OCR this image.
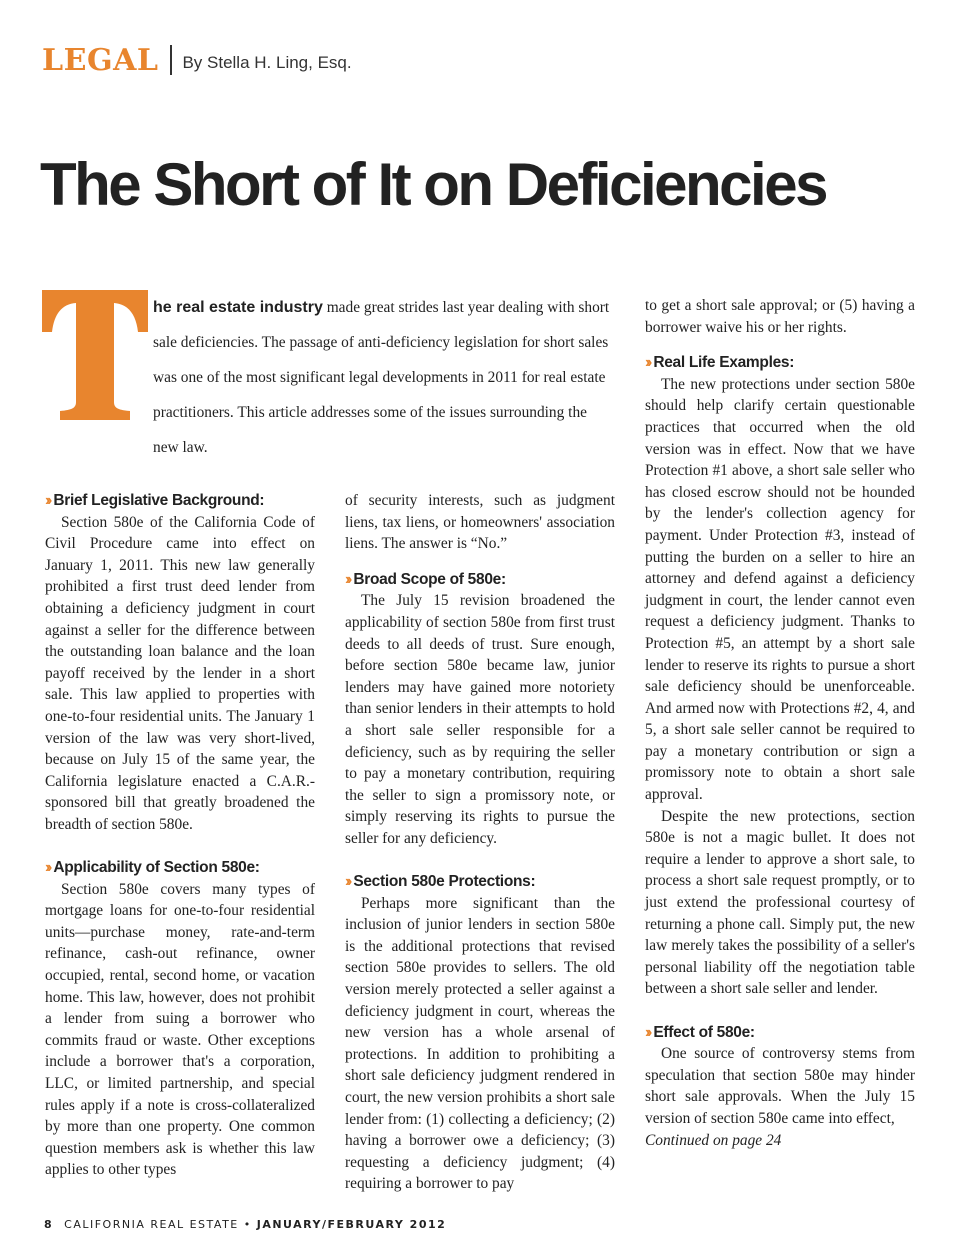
LEGAL By Stella H. Ling, Esq.
The Short of It on Deficiencies
he real estate industry made great strides last year dealing with short sale deficiencies. The passage of anti-deficiency legislation for short sales was one of the most significant legal developments in 2011 for real estate practitioners. This article addresses some of the issues surrounding the new law.
›› Brief Legislative Background:

Section 580e of the California Code of Civil Procedure came into effect on January 1, 2011. This new law generally prohibited a first trust deed lender from obtaining a deficiency judgment in court against a seller for the difference between the outstanding loan balance and the loan payoff received by the lender in a short sale. This law applied to properties with one-to-four residential units. The January 1 version of the law was very short-lived, because on July 15 of the same year, the California legislature enacted a C.A.R.-sponsored bill that greatly broadened the breadth of section 580e.

›› Applicability of Section 580e:

Section 580e covers many types of mortgage loans for one-to-four residential units—purchase money, rate-and-term refinance, cash-out refinance, owner occupied, rental, second home, or vacation home. This law, however, does not prohibit a lender from suing a borrower who commits fraud or waste. Other exceptions include a borrower that's a corporation, LLC, or limited partnership, and special rules apply if a note is cross-collateralized by more than one property. One common question members ask is whether this law applies to other types

of security interests, such as judgment liens, tax liens, or homeowners' association liens. The answer is “No.”

›› Broad Scope of 580e:

The July 15 revision broadened the applicability of section 580e from first trust deeds to all deeds of trust. Sure enough, before section 580e became law, junior lenders may have gained more notoriety than senior lenders in their attempts to hold a short sale seller responsible for a deficiency, such as by requiring the seller to pay a monetary contribution, requiring the seller to sign a promissory note, or simply reserving its rights to pursue the seller for any deficiency.

›› Section 580e Protections:

Perhaps more significant than the inclusion of junior lenders in section 580e is the additional protections that revised section 580e provides to sellers. The old version merely protected a seller against a deficiency judgment in court, whereas the new version has a whole arsenal of protections. In addition to prohibiting a short sale deficiency judgment rendered in court, the new version prohibits a short sale lender from: (1) collecting a deficiency; (2) having a borrower owe a deficiency; (3) requesting a deficiency judgment; (4) requiring a borrower to pay

to get a short sale approval; or (5) having a borrower waive his or her rights.

›› Real Life Examples:

The new protections under section 580e should help clarify certain questionable practices that occurred when the old version was in effect. Now that we have Protection #1 above, a short sale seller who has closed escrow should not be hounded by the lender's collection agency for payment. Under Protection #3, instead of putting the burden on a seller to hire an attorney and defend against a deficiency judgment in court, the lender cannot even request a deficiency judgment. Thanks to Protection #5, an attempt by a short sale lender to reserve its rights to pursue a short sale deficiency should be unenforceable. And armed now with Protections #2, 4, and 5, a short sale seller cannot be required to pay a monetary contribution or sign a promissory note to obtain a short sale approval.

Despite the new protections, section 580e is not a magic bullet. It does not require a lender to approve a short sale, to process a short sale request promptly, or to just extend the professional courtesy of returning a phone call. Simply put, the new law merely takes the possibility of a seller's personal liability off the negotiation table between a short sale seller and lender.

›› Effect of 580e:

One source of controversy stems from speculation that section 580e may hinder short sale approvals. When the July 15 version of section 580e came into effect,

Continued on page 24

8 CALIFORNIA REAL ESTATE • JANUARY/FEBRUARY 2012
